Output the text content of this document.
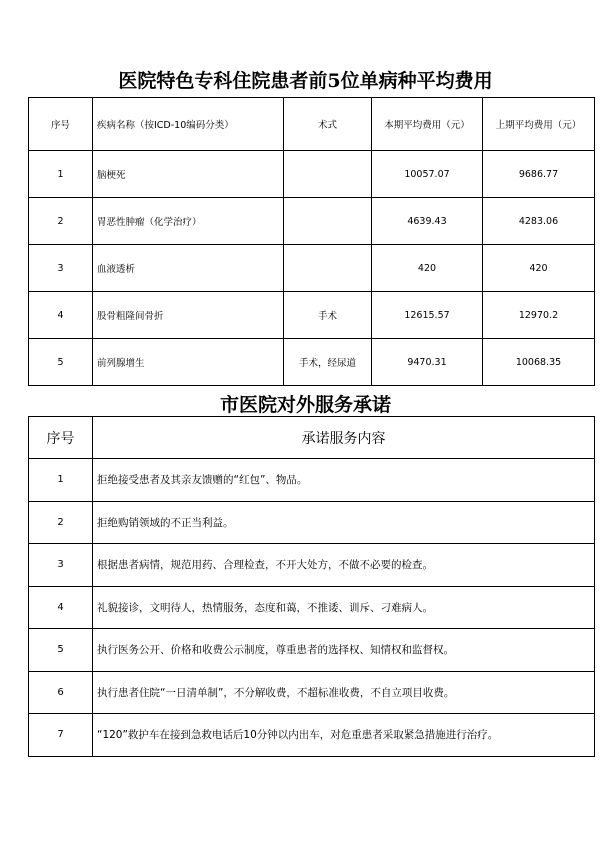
医院特色专科住院患者前5位单病种平均费用
序号	疾病名称（按ICD-10编码分类）	术式	本期平均费用（元）	上期平均费用（元）
1	脑梗死		10057.07	9686.77
2	胃恶性肿瘤（化学治疗）		4639.43	4283.06
3	血液透析		420	420
4	股骨粗隆间骨折	手术	12615.57	12970.2
5	前列腺增生	手术，经尿道	9470.31	10068.35
市医院对外服务承诺
序号	承诺服务内容
1	拒绝接受患者及其亲友馈赠的“红包”、物品。
2	拒绝购销领域的不正当利益。
3	根据患者病情，规范用药、合理检查，不开大处方，不做不必要的检查。
4	礼貌接诊，文明待人，热情服务，态度和蔼，不推诿、训斥、刁难病人。
5	执行医务公开、价格和收费公示制度，尊重患者的选择权、知情权和监督权。
6	执行患者住院“一日清单制”，不分解收费，不超标准收费，不自立项目收费。
7	“120”救护车在接到急救电话后10分钟以内出车，对危重患者采取紧急措施进行治疗。
